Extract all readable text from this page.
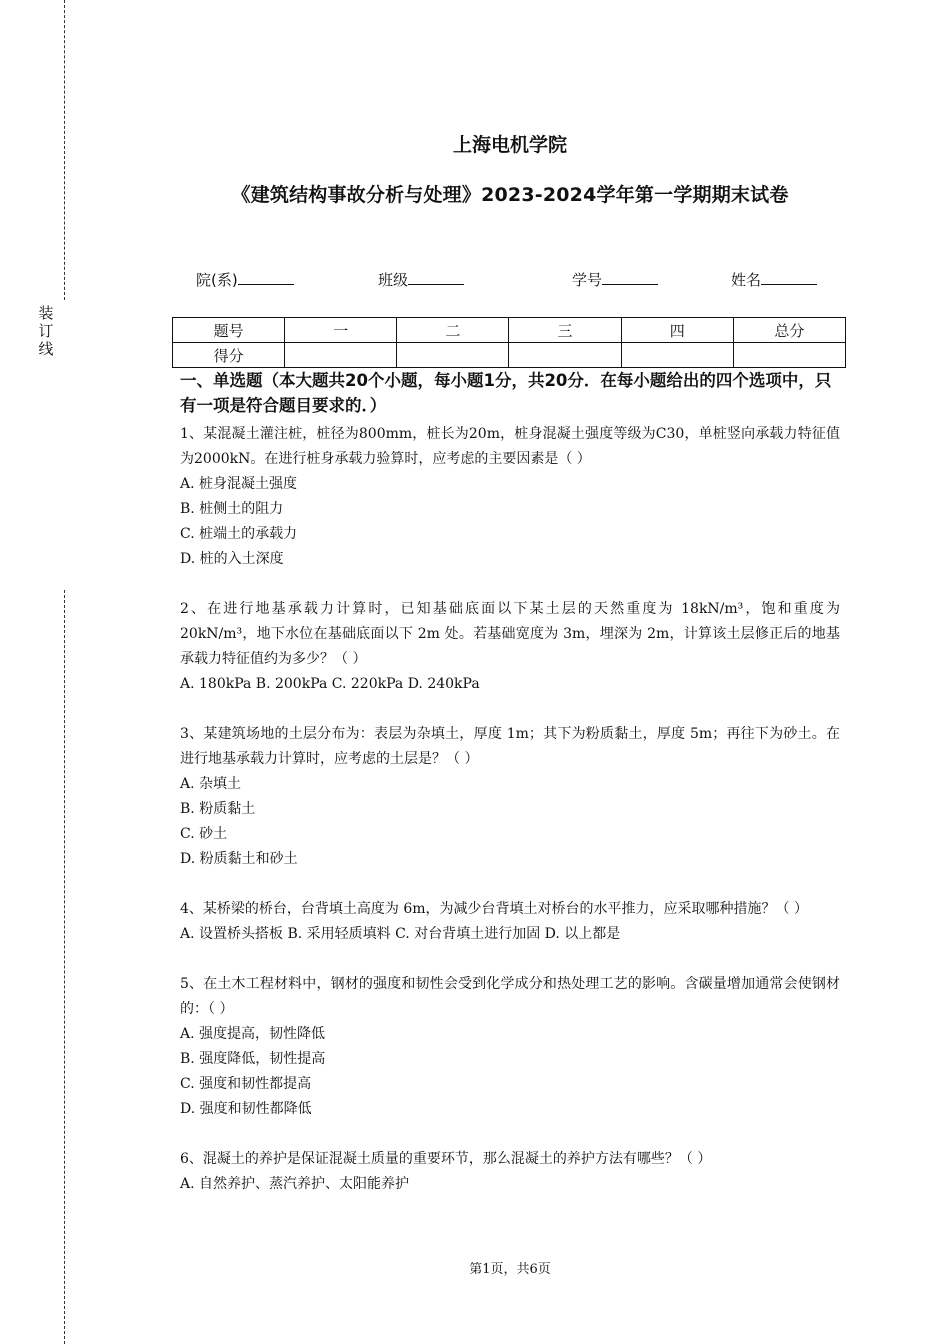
装订线
上海电机学院
《建筑结构事故分析与处理》2023-2024学年第一学期期末试卷
院(系)	班级	学号	姓名
题号	一	二	三	四	总分
得分					

一、单选题（本大题共20个小题，每小题1分，共20分．在每小题给出的四个选项中，只有一项是符合题目要求的．）

1、某混凝土灌注桩，桩径为800mm，桩长为20m，桩身混凝土强度等级为C30，单桩竖向承载力特征值为2000kN。在进行桩身承载力验算时，应考虑的主要因素是（ ）

A. 桩身混凝土强度

B. 桩侧土的阻力

C. 桩端土的承载力

D. 桩的入土深度

2、在进行地基承载力计算时，已知基础底面以下某土层的天然重度为 18kN/m³，饱和重度为 20kN/m³，地下水位在基础底面以下 2m 处。若基础宽度为 3m，埋深为 2m，计算该土层修正后的地基承载力特征值约为多少？（ ）

A. 180kPa B. 200kPa C. 220kPa D. 240kPa

3、某建筑场地的土层分布为：表层为杂填土，厚度 1m；其下为粉质黏土，厚度 5m；再往下为砂土。在进行地基承载力计算时，应考虑的土层是？（ ）

A. 杂填土

B. 粉质黏土

C. 砂土

D. 粉质黏土和砂土

4、某桥梁的桥台，台背填土高度为 6m，为减少台背填土对桥台的水平推力，应采取哪种措施？（ ）

A. 设置桥头搭板 B. 采用轻质填料 C. 对台背填土进行加固 D. 以上都是

5、在土木工程材料中，钢材的强度和韧性会受到化学成分和热处理工艺的影响。含碳量增加通常会使钢材的：（ ）

A. 强度提高，韧性降低

B. 强度降低，韧性提高

C. 强度和韧性都提高

D. 强度和韧性都降低

6、混凝土的养护是保证混凝土质量的重要环节，那么混凝土的养护方法有哪些？（ ）

A. 自然养护、蒸汽养护、太阳能养护

第1页，共6页
